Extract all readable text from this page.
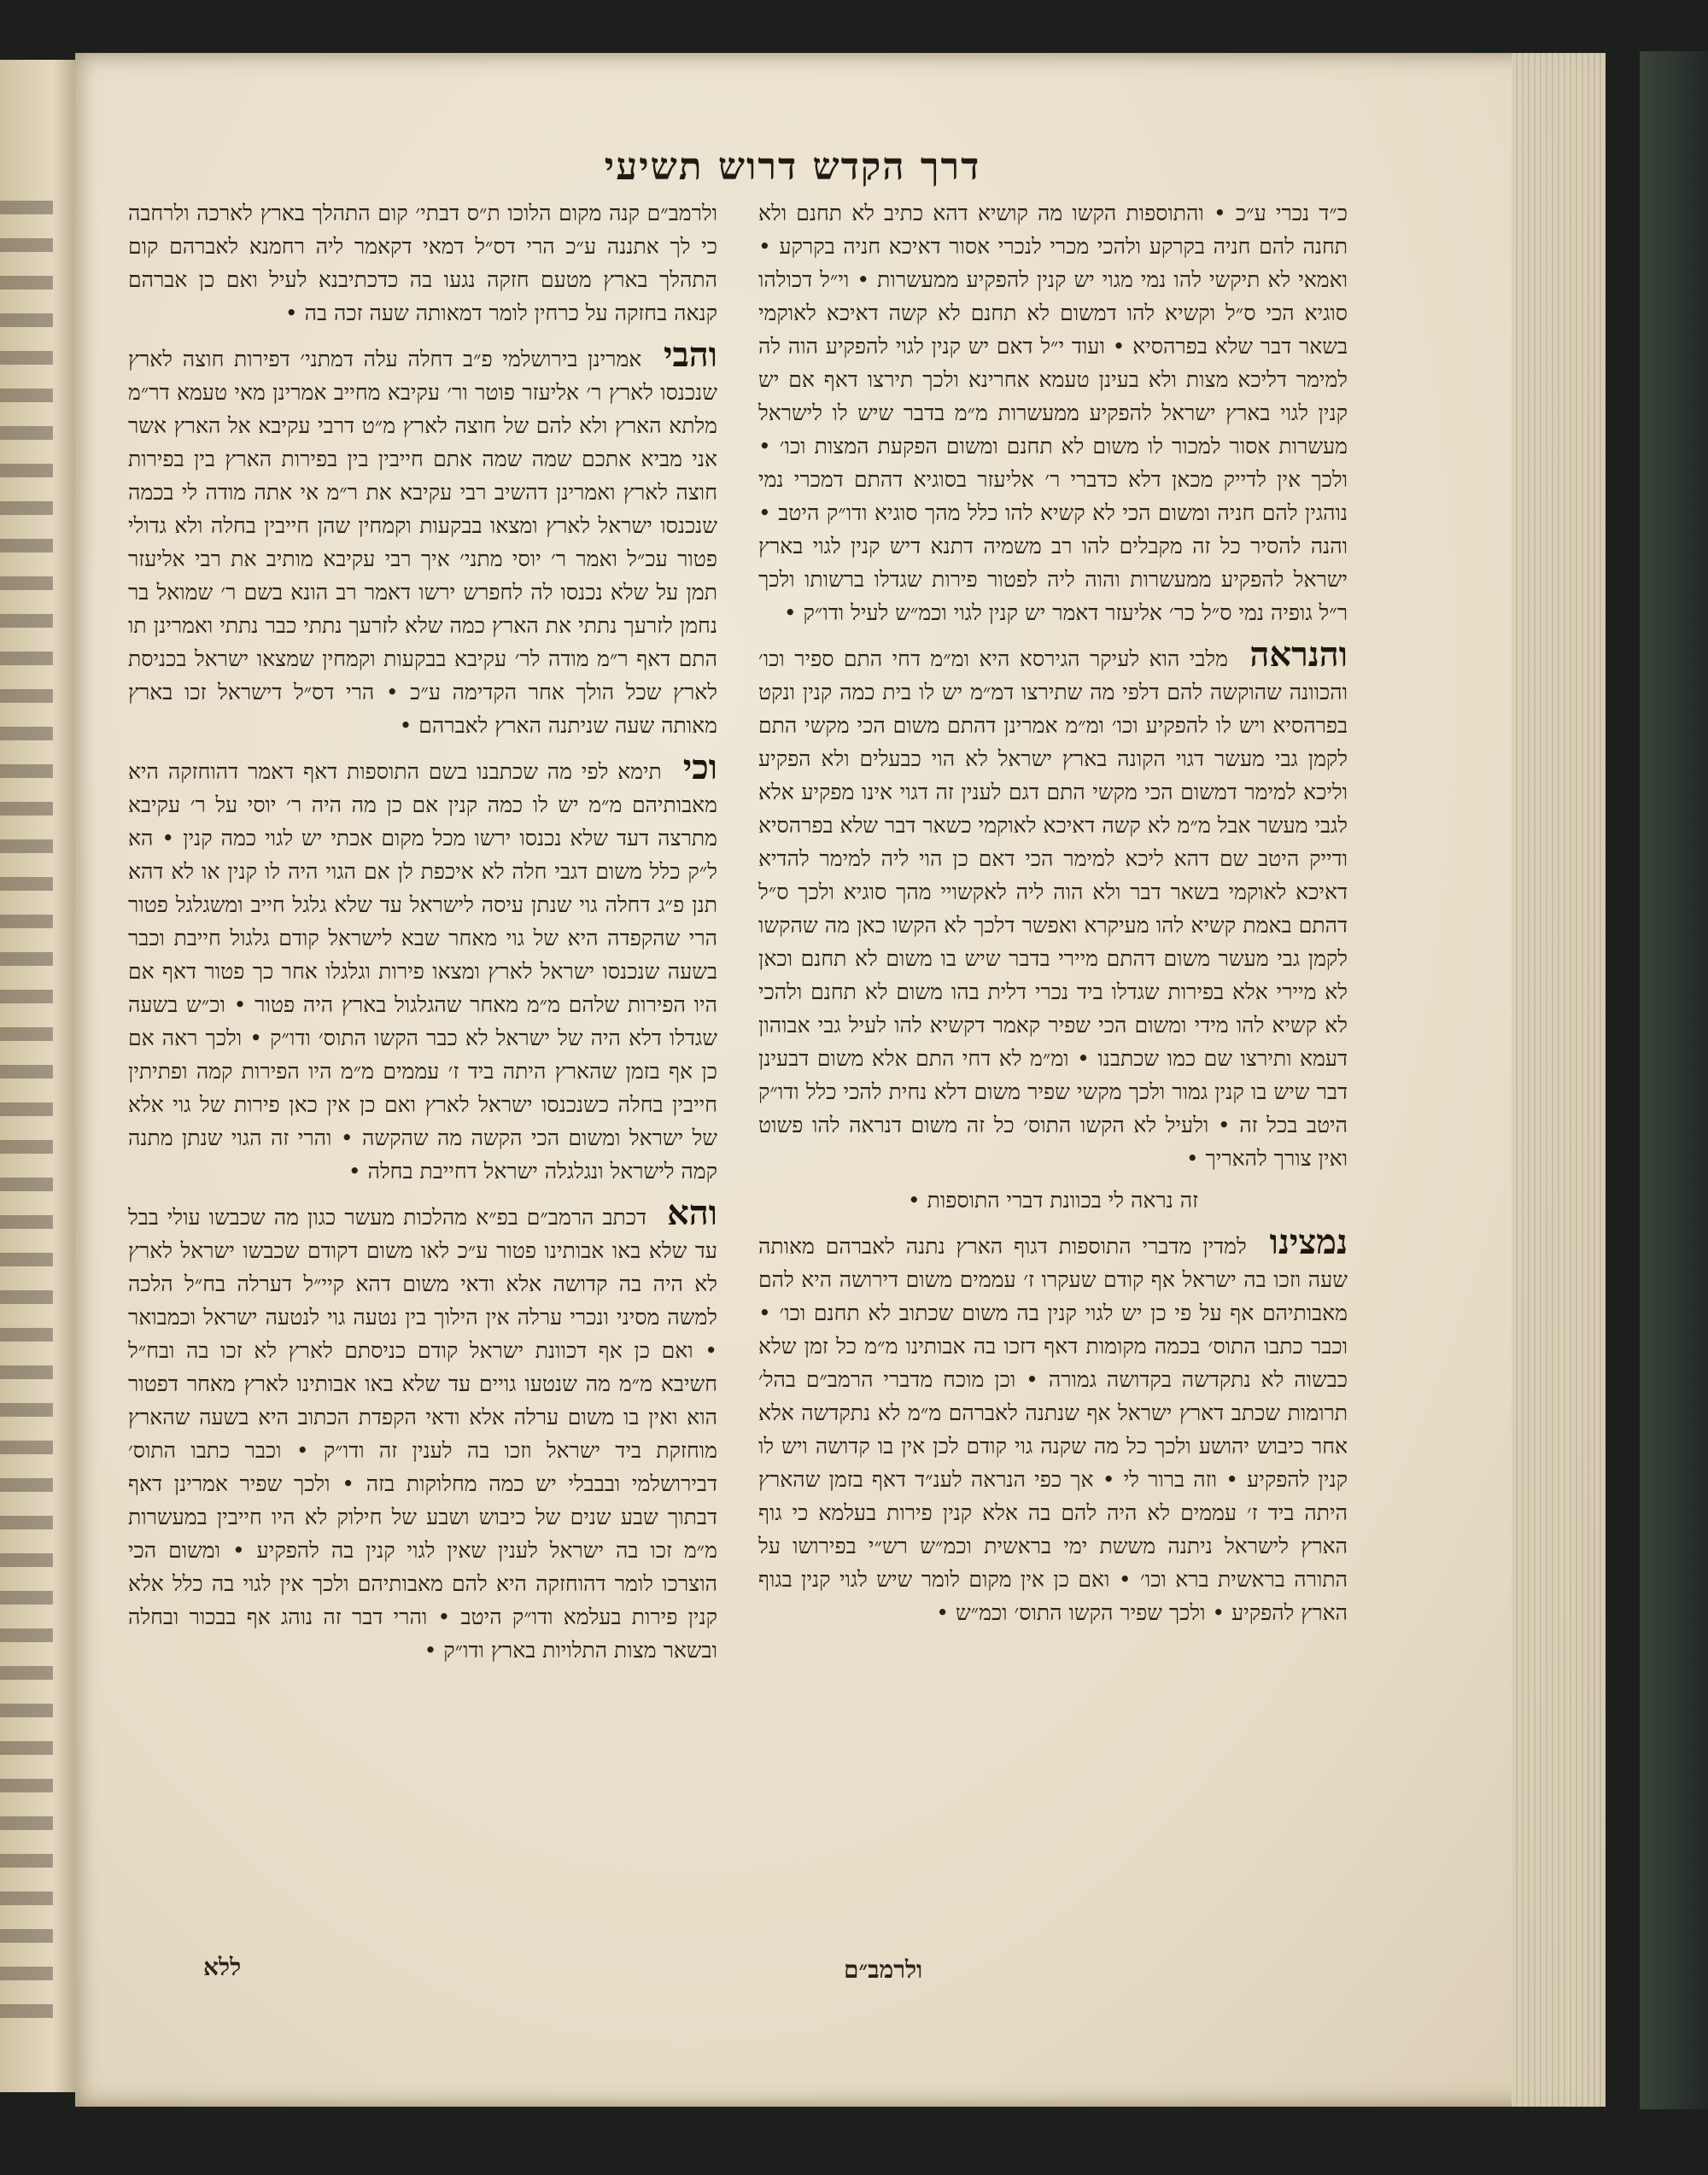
דרך הקדש דרוש תשיעי

כ״ד נכרי ע״כ • והתוספות הקשו מה קושיא דהא כתיב לא תחנם ולא תחנה להם חניה בקרקע ולהכי מכרי לנכרי אסור דאיכא חניה בקרקע • ואמאי לא תיקשי להו נמי מגוי יש קנין להפקיע ממעשרות • וי״ל דכולהו סוגיא הכי ס״ל וקשיא להו דמשום לא תחנם לא קשה דאיכא לאוקמי בשאר דבר שלא בפרהסיא • ועוד י״ל דאם יש קנין לגוי להפקיע הוה לה למימר דליכא מצות ולא בעינן טעמא אחרינא ולכך תירצו דאף אם יש קנין לגוי בארץ ישראל להפקיע ממעשרות מ״מ בדבר שיש לו לישראל מעשרות אסור למכור לו משום לא תחנם ומשום הפקעת המצות וכו׳ • ולכך אין לדייק מכאן דלא כדברי ר׳ אליעזר בסוגיא דהתם דמכרי נמי נוהגין להם חניה ומשום הכי לא קשיא להו כלל מהך סוגיא ודו״ק היטב • והנה להסיר כל זה מקבלים להו רב משמיה דתנא דיש קנין לגוי בארץ ישראל להפקיע ממעשרות והוה ליה לפטור פירות שגדלו ברשותו ולכך ר״ל גופיה נמי ס״ל כר׳ אליעזר דאמר יש קנין לגוי וכמ״ש לעיל ודו״ק •

והנראה מלבי הוא לעיקר הגירסא היא ומ״מ דחי התם ספיר וכו׳ והכוונה שהוקשה להם דלפי מה שתירצו דמ״מ יש לו בית כמה קנין ונקט בפרהסיא ויש לו להפקיע וכו׳ ומ״מ אמרינן דהתם משום הכי מקשי התם לקמן גבי מעשר דגוי הקונה בארץ ישראל לא הוי כבעלים ולא הפקיע וליכא למימר דמשום הכי מקשי התם דגם לענין זה דגוי אינו מפקיע אלא לגבי מעשר אבל מ״מ לא קשה דאיכא לאוקמי כשאר דבר שלא בפרהסיא ודייק היטב שם דהא ליכא למימר הכי דאם כן הוי ליה למימר להדיא דאיכא לאוקמי בשאר דבר ולא הוה ליה לאקשויי מהך סוגיא ולכך ס״ל דהתם באמת קשיא להו מעיקרא ואפשר דלכך לא הקשו כאן מה שהקשו לקמן גבי מעשר משום דהתם מיירי בדבר שיש בו משום לא תחנם וכאן לא מיירי אלא בפירות שגדלו ביד נכרי דלית בהו משום לא תחנם ולהכי לא קשיא להו מידי ומשום הכי שפיר קאמר דקשיא להו לעיל גבי אבוהון דעמא ותירצו שם כמו שכתבנו • ומ״מ לא דחי התם אלא משום דבעינן דבר שיש בו קנין גמור ולכך מקשי שפיר משום דלא נחית להכי כלל ודו״ק היטב בכל זה • ולעיל לא הקשו התוס׳ כל זה משום דנראה להו פשוט ואין צורך להאריך •

זה נראה לי בכוונת דברי התוספות •

נמצינו למדין מדברי התוספות דגוף הארץ נתנה לאברהם מאותה שעה וזכו בה ישראל אף קודם שעקרו ז׳ עממים משום דירושה היא להם מאבותיהם אף על פי כן יש לגוי קנין בה משום שכתוב לא תחנם וכו׳ • וכבר כתבו התוס׳ בכמה מקומות דאף דזכו בה אבותינו מ״מ כל זמן שלא כבשוה לא נתקדשה בקדושה גמורה • וכן מוכח מדברי הרמב״ם בהל׳ תרומות שכתב דארץ ישראל אף שנתנה לאברהם מ״מ לא נתקדשה אלא אחר כיבוש יהושע ולכך כל מה שקנה גוי קודם לכן אין בו קדושה ויש לו קנין להפקיע • וזה ברור לי • אך כפי הנראה לענ״ד דאף בזמן שהארץ היתה ביד ז׳ עממים לא היה להם בה אלא קנין פירות בעלמא כי גוף הארץ לישראל ניתנה מששת ימי בראשית וכמ״ש רש״י בפירושו על התורה בראשית ברא וכו׳ • ואם כן אין מקום לומר שיש לגוי קנין בגוף הארץ להפקיע • ולכך שפיר הקשו התוס׳ וכמ״ש •

ולרמב״ם קנה מקום הלוכו ת״ס דבתי׳ קום התהלך בארץ לארכה ולרחבה כי לך אתננה ע״כ הרי דס״ל דמאי דקאמר ליה רחמנא לאברהם קום התהלך בארץ מטעם חזקה נגעו בה כדכתיבנא לעיל ואם כן אברהם קנאה בחזקה על כרחין לומר דמאותה שעה זכה בה •

והבי אמרינן בירושלמי פ״ב דחלה עלה דמתני׳ דפירות חוצה לארץ שנכנסו לארץ ר׳ אליעזר פוטר ור׳ עקיבא מחייב אמרינן מאי טעמא דר״מ מלתא הארץ ולא להם של חוצה לארץ מ״ט דרבי עקיבא אל הארץ אשר אני מביא אתכם שמה שמה אתם חייבין בין בפירות הארץ בין בפירות חוצה לארץ ואמרינן דהשיב רבי עקיבא את ר״מ אי אתה מודה לי בכמה שנכנסו ישראל לארץ ומצאו בבקעות וקמחין שהן חייבין בחלה ולא גדולי פטור עכ״ל ואמר ר׳ יוסי מתני׳ איך רבי עקיבא מותיב את רבי אליעזר תמן על שלא נכנסו לה לחפרש ירשו דאמר רב הונא בשם ר׳ שמואל בר נחמן לזרעך נתתי את הארץ כמה שלא לזרעך נתתי כבר נתתי ואמרינן תו התם דאף ר״מ מודה לר׳ עקיבא בבקעות וקמחין שמצאו ישראל בכניסת לארץ שכל הולך אחר הקדימה ע״כ • הרי דס״ל דישראל זכו בארץ מאותה שעה שניתנה הארץ לאברהם •

וכי תימא לפי מה שכתבנו בשם התוספות דאף דאמר דהוחזקה היא מאבותיהם מ״מ יש לו כמה קנין אם כן מה היה ר׳ יוסי על ר׳ עקיבא מתרצה דעד שלא נכנסו ירשו מכל מקום אכתי יש לגוי כמה קנין • הא ל״ק כלל משום דגבי חלה לא איכפת לן אם הגוי היה לו קנין או לא דהא תנן פ״ג דחלה גוי שנתן עיסה לישראל עד שלא גלגל חייב ומשגלגל פטור הרי שהקפדה היא של גוי מאחר שבא לישראל קודם גלגול חייבת וכבר בשעה שנכנסו ישראל לארץ ומצאו פירות וגלגלו אחר כך פטור דאף אם היו הפירות שלהם מ״מ מאחר שהגלגול בארץ היה פטור • וכ״ש בשעה שגדלו דלא היה של ישראל לא כבר הקשו התוס׳ ודו״ק • ולכך ראה אם כן אף בזמן שהארץ היתה ביד ז׳ עממים מ״מ היו הפירות קמה ופתיתין חייבין בחלה כשנכנסו ישראל לארץ ואם כן אין כאן פירות של גוי אלא של ישראל ומשום הכי הקשה מה שהקשה • והרי זה הגוי שנתן מתנה קמה לישראל ונגלגלה ישראל דחייבת בחלה •

והא דכתב הרמב״ם בפ״א מהלכות מעשר כגון מה שכבשו עולי בבל עד שלא באו אבותינו פטור ע״כ לאו משום דקודם שכבשו ישראל לארץ לא היה בה קדושה אלא ודאי משום דהא קיי״ל דערלה בח״ל הלכה למשה מסיני ונכרי ערלה אין הילוך בין נטעה גוי לנטעה ישראל וכמבואר • ואם כן אף דכוונת ישראל קודם כניסתם לארץ לא זכו בה ובח״ל חשיבא מ״מ מה שנטעו גויים עד שלא באו אבותינו לארץ מאחר דפטור הוא ואין בו משום ערלה אלא ודאי הקפדת הכתוב היא בשעה שהארץ מוחזקת ביד ישראל וזכו בה לענין זה ודו״ק • וכבר כתבו התוס׳ דבירושלמי ובבבלי יש כמה מחלוקות בזה • ולכך שפיר אמרינן דאף דבתוך שבע שנים של כיבוש ושבע של חילוק לא היו חייבין במעשרות מ״מ זכו בה ישראל לענין שאין לגוי קנין בה להפקיע • ומשום הכי הוצרכו לומר דהוחזקה היא להם מאבותיהם ולכך אין לגוי בה כלל אלא קנין פירות בעלמא ודו״ק היטב • והרי דבר זה נוהג אף בבכור ובחלה ובשאר מצות התלויות בארץ ודו״ק •

ללא	ולרמב״ם
